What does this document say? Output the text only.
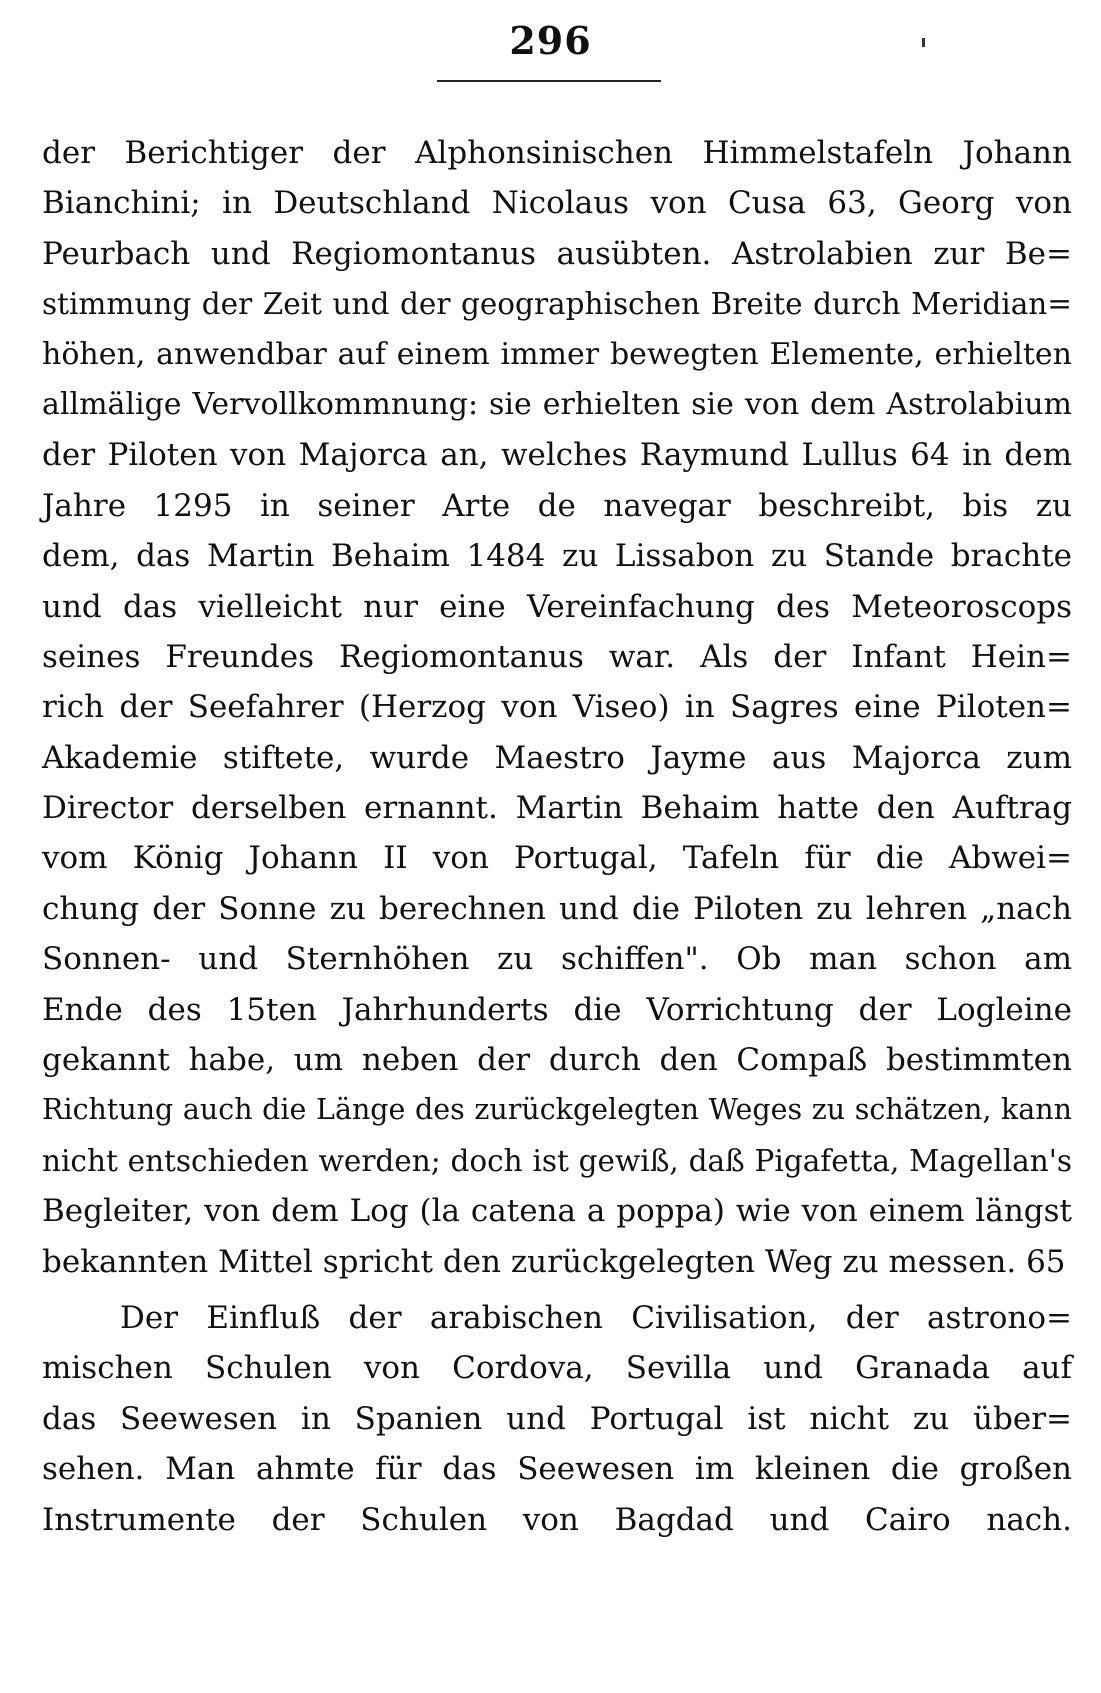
296
der Berichtiger der Alphonsinischen Himmelstafeln Johann
Bianchini; in Deutschland Nicolaus von Cusa 63, Georg von
Peurbach und Regiomontanus ausübten. Astrolabien zur Be=
stimmung der Zeit und der geographischen Breite durch Meridian=
höhen, anwendbar auf einem immer bewegten Elemente, erhielten
allmälige Vervollkommnung: sie erhielten sie von dem Astrolabium
der Piloten von Majorca an, welches Raymund Lullus 64 in dem
Jahre 1295 in seiner Arte de navegar beschreibt, bis zu
dem, das Martin Behaim 1484 zu Lissabon zu Stande brachte
und das vielleicht nur eine Vereinfachung des Meteoroscops
seines Freundes Regiomontanus war. Als der Infant Hein=
rich der Seefahrer (Herzog von Viseo) in Sagres eine Piloten=
Akademie stiftete, wurde Maestro Jayme aus Majorca zum
Director derselben ernannt. Martin Behaim hatte den Auftrag
vom König Johann II von Portugal, Tafeln für die Abwei=
chung der Sonne zu berechnen und die Piloten zu lehren „nach
Sonnen- und Sternhöhen zu schiffen". Ob man schon am
Ende des 15ten Jahrhunderts die Vorrichtung der Logleine
gekannt habe, um neben der durch den Compaß bestimmten
Richtung auch die Länge des zurückgelegten Weges zu schätzen, kann
nicht entschieden werden; doch ist gewiß, daß Pigafetta, Magellan's
Begleiter, von dem Log (la catena a poppa) wie von einem längst
bekannten Mittel spricht den zurückgelegten Weg zu messen. 65
Der Einfluß der arabischen Civilisation, der astrono=
mischen Schulen von Cordova, Sevilla und Granada auf
das Seewesen in Spanien und Portugal ist nicht zu über=
sehen. Man ahmte für das Seewesen im kleinen die großen
Instrumente der Schulen von Bagdad und Cairo nach.
